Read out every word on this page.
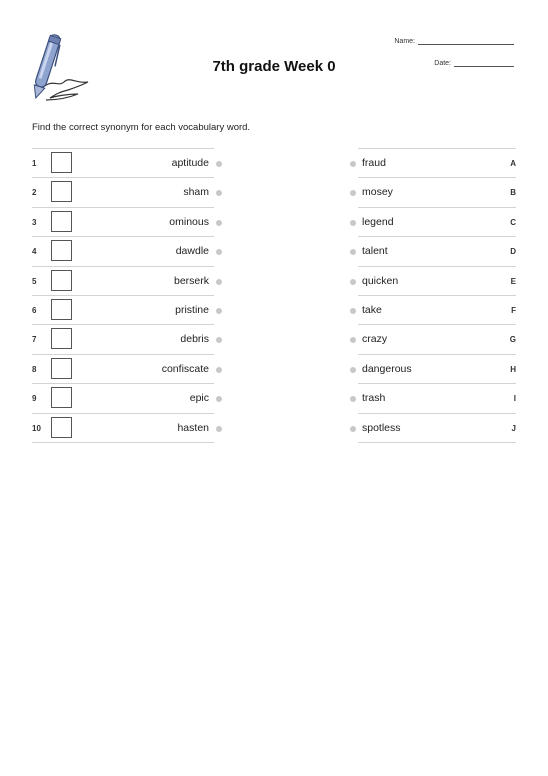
7th grade Week 0
Name:
Date:
Find the correct synonym for each vocabulary word.
1	aptitude
2	sham
3	ominous
4	dawdle
5	berserk
6	pristine
7	debris
8	confiscate
9	epic
10	hasten
fraud	A
mosey	B
legend	C
talent	D
quicken	E
take	F
crazy	G
dangerous	H
trash	I
spotless	J
